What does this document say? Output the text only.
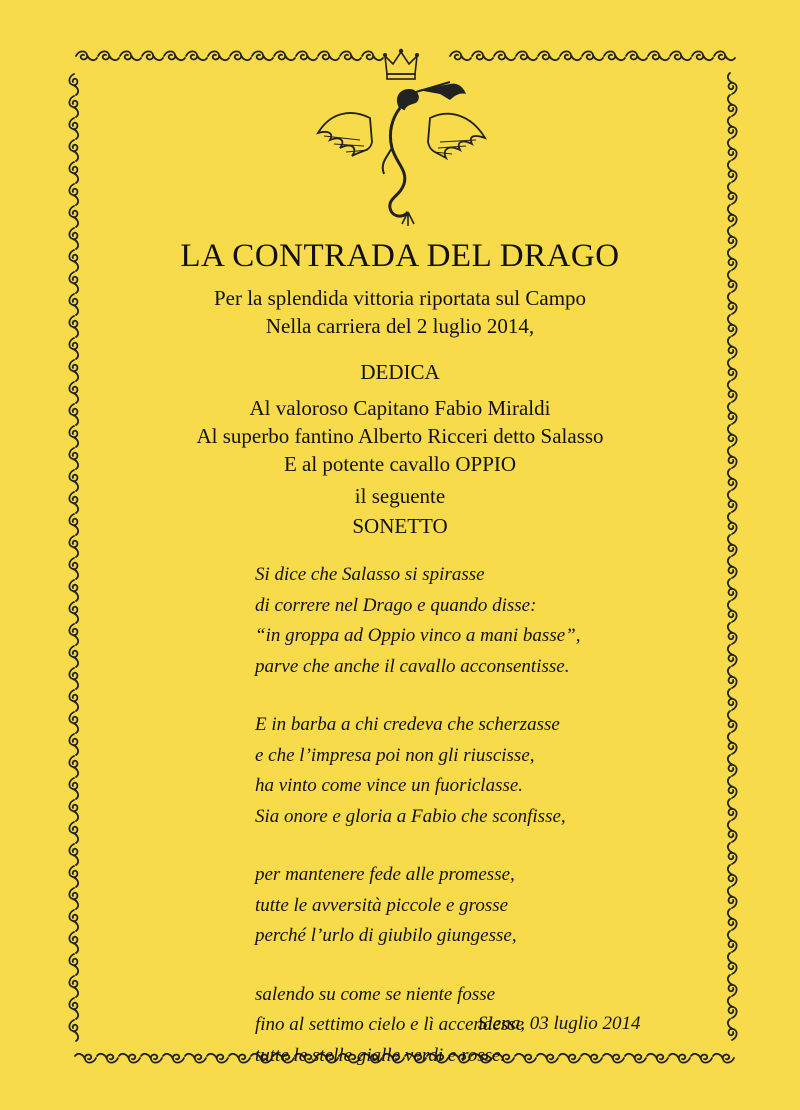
LA CONTRADA DEL DRAGO

Per la splendida vittoria riportata sul Campo

Nella carriera del 2 luglio 2014,

DEDICA

Al valoroso Capitano Fabio Miraldi

Al superbo fantino Alberto Ricceri detto Salasso

E al potente cavallo OPPIO

il seguente

SONETTO

Si dice che Salasso si spirasse
di correre nel Drago e quando disse:
“in groppa ad Oppio vinco a mani basse”,
parve che anche il cavallo acconsentisse.
E in barba a chi credeva che scherzasse
e che l’impresa poi non gli riuscisse,
ha vinto come vince un fuoriclasse.
Sia onore e gloria a Fabio che sconfisse,
per mantenere fede alle promesse,
tutte le avversità piccole e grosse
perché l’urlo di giubilo giungesse,
salendo su come se niente fosse
fino al settimo cielo e lì accendesse
tutte le stelle gialle verdi e rosse.
Siena, 03 luglio 2014
